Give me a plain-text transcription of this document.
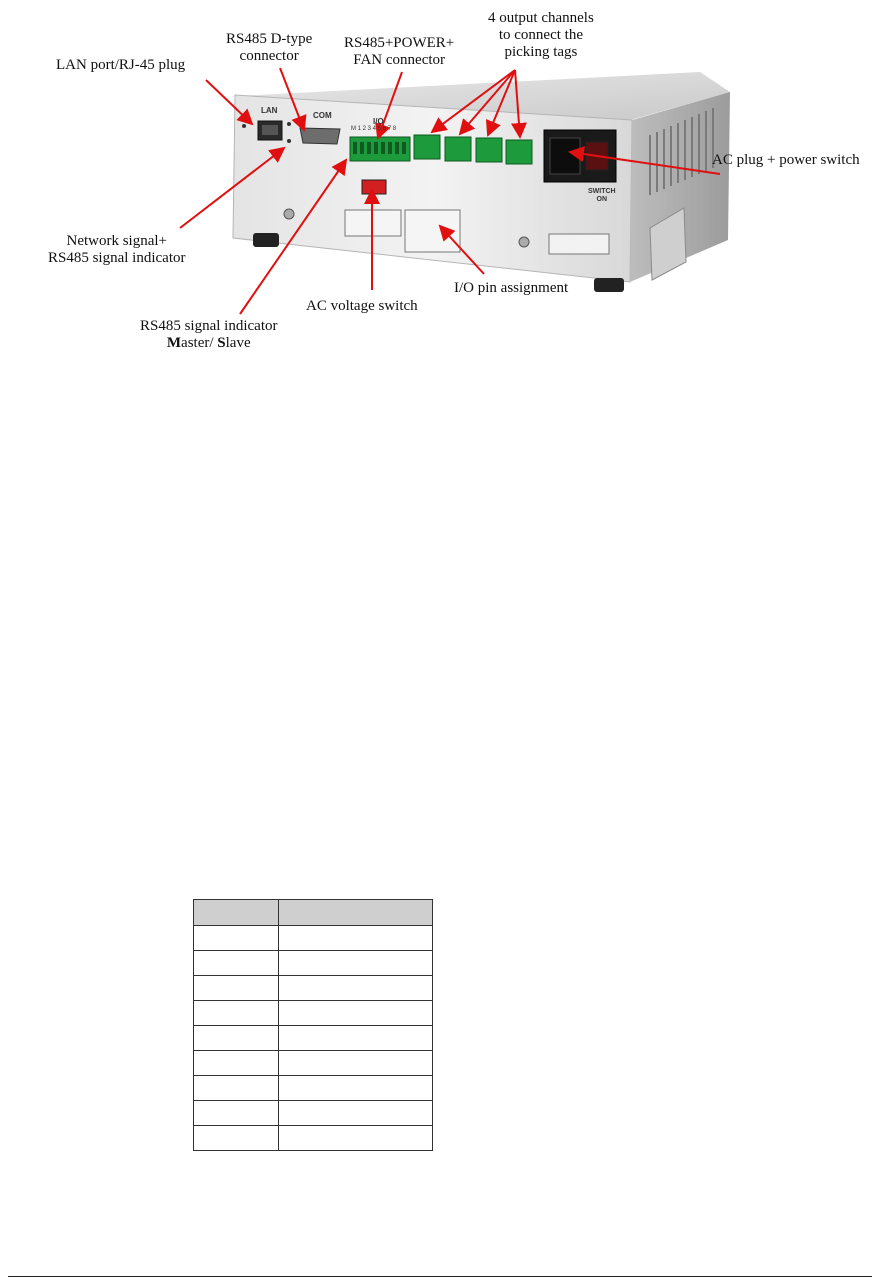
LAN
COM
I/O
M 1 2 3 4 5 6 7 8
SWITCH
ON
LAN port/RJ-45 plug
RS485 D-type
connector
RS485+POWER+
FAN connector
4 output channels
to connect the
picking tags
AC plug + power switch
Network signal+
RS485 signal indicator
AC voltage switch
I/O pin assignment
RS485 signal indicator
Master/ Slave
